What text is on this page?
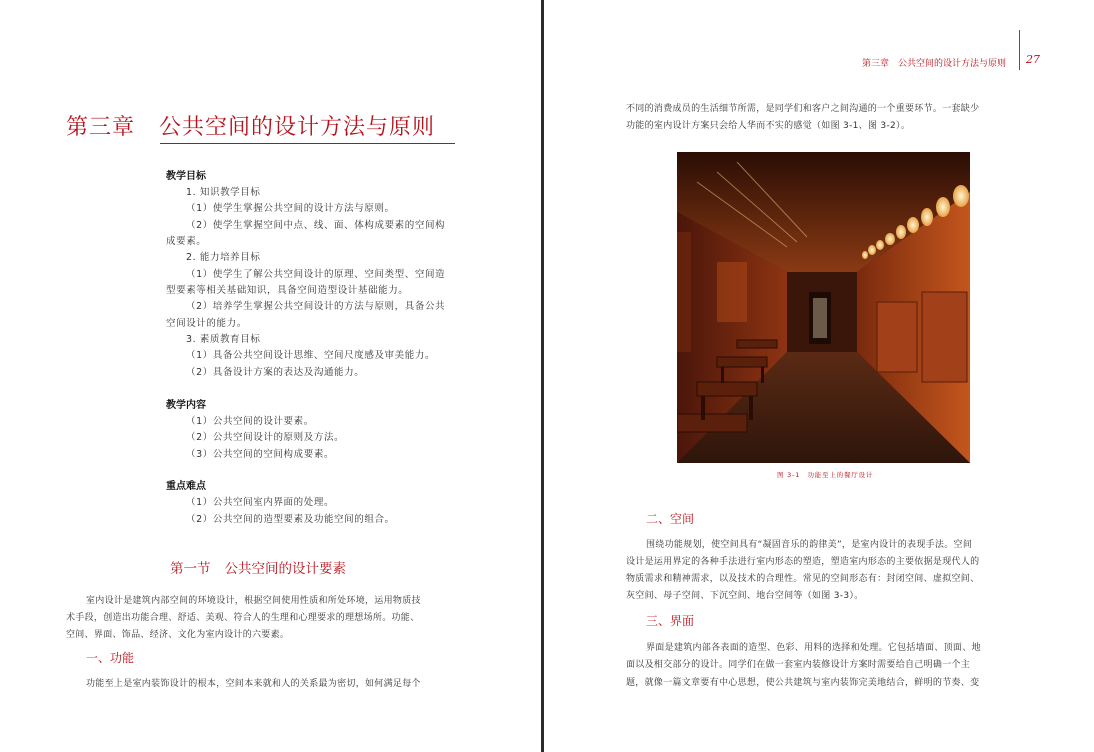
第三章 公共空间的设计方法与原则
教学目标
1. 知识教学目标
（1）使学生掌握公共空间的设计方法与原则。
（2）使学生掌握空间中点、线、面、体构成要素的空间构
成要素。
2. 能力培养目标
（1）使学生了解公共空间设计的原理、空间类型、空间造
型要素等相关基础知识，具备空间造型设计基础能力。
（2）培养学生掌握公共空间设计的方法与原则，具备公共
空间设计的能力。
3. 素质教育目标
（1）具备公共空间设计思维、空间尺度感及审美能力。
（2）具备设计方案的表达及沟通能力。
教学内容
（1）公共空间的设计要素。
（2）公共空间设计的原则及方法。
（3）公共空间的空间构成要素。
重点难点
（1）公共空间室内界面的处理。
（2）公共空间的造型要素及功能空间的组合。
第一节 公共空间的设计要素
室内设计是建筑内部空间的环境设计，根据空间使用性质和所处环境，运用物质技
术手段，创造出功能合理、舒适、美观、符合人的生理和心理要求的理想场所。功能、
空间、界面、饰品、经济、文化为室内设计的六要素。
一、功能
功能至上是室内装饰设计的根本，空间本来就和人的关系最为密切，如何满足每个
第三章　公共空间的设计方法与原则 27
不同的消费成员的生活细节所需，是同学们和客户之间沟通的一个重要环节。一套缺少
功能的室内设计方案只会给人华而不实的感觉（如图 3-1、图 3-2）。
图 3-1　功能至上的餐厅设计
二、空间
围绕功能规划，使空间具有“凝固音乐的韵律美”，是室内设计的表现手法。空间
设计是运用界定的各种手法进行室内形态的塑造，塑造室内形态的主要依据是现代人的
物质需求和精神需求，以及技术的合理性。常见的空间形态有：封闭空间、虚拟空间、
灰空间、母子空间、下沉空间、地台空间等（如图 3-3）。
三、界面
界面是建筑内部各表面的造型、色彩、用料的选择和处理。它包括墙面、顶面、地
面以及相交部分的设计。同学们在做一套室内装修设计方案时需要给自己明确一个主
题，就像一篇文章要有中心思想，使公共建筑与室内装饰完美地结合，鲜明的节奏、变
